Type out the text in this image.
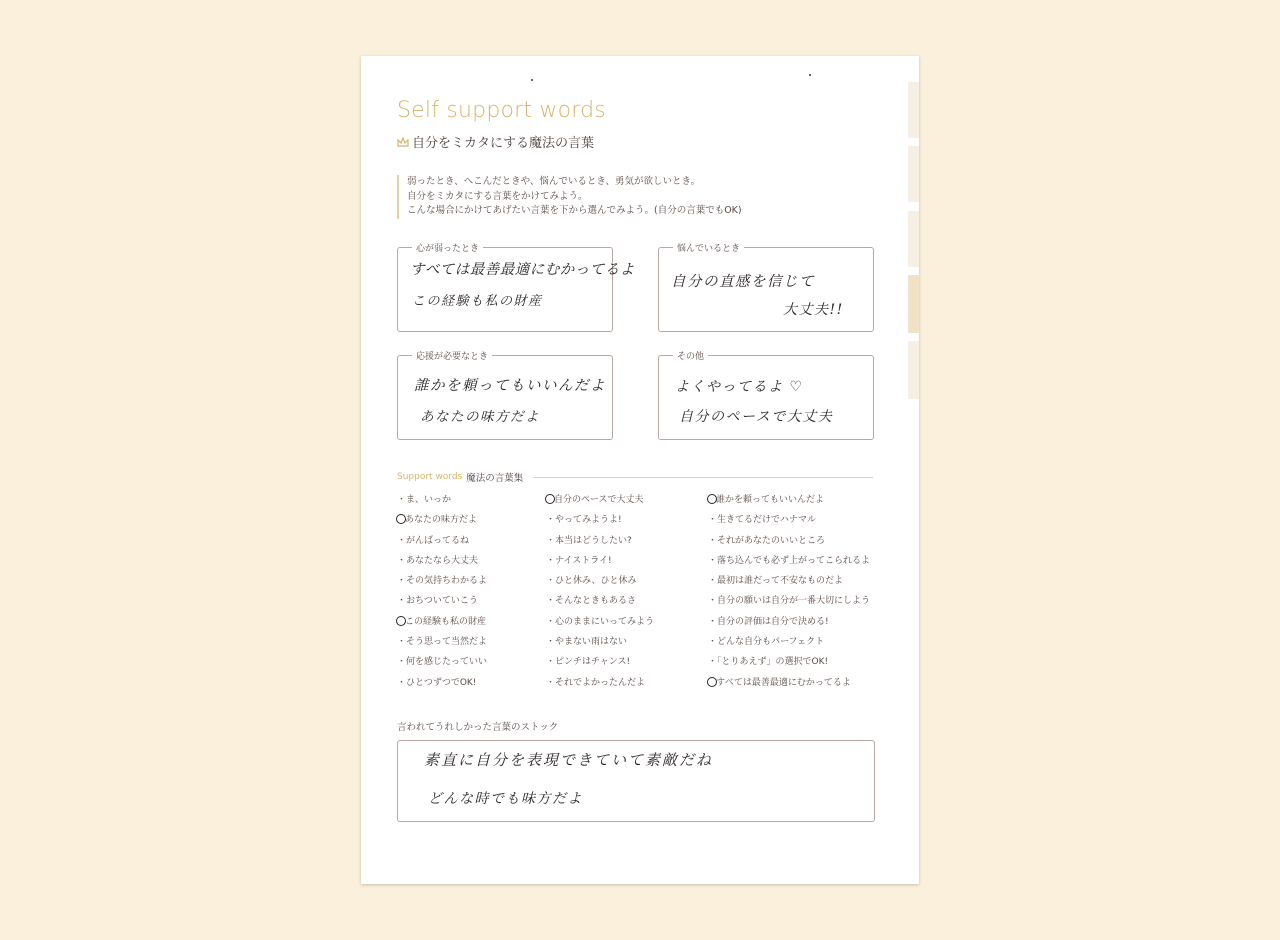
Self support words
自分をミカタにする魔法の言葉
弱ったとき、へこんだときや、悩んでいるとき、勇気が欲しいとき。
自分をミカタにする言葉をかけてみよう。
こんな場合にかけてあげたい言葉を下から選んでみよう。(自分の言葉でもOK)
心が弱ったとき
すべては最善最適にむかってるよ
この経験も私の財産
悩んでいるとき
自分の直感を信じて
大丈夫!!
応援が必要なとき
誰かを頼ってもいいんだよ
あなたの味方だよ
その他
よくやってるよ ♡
自分のペースで大丈夫
Support words 魔法の言葉集
・ま、いっか
あなたの味方だよ
・がんばってるね
・あなたなら大丈夫
・その気持ちわかるよ
・おちついていこう
この経験も私の財産
・そう思って当然だよ
・何を感じたっていい
・ひとつずつでOK!
自分のペースで大丈夫
・やってみようよ!
・本当はどうしたい?
・ナイストライ!
・ひと休み、ひと休み
・そんなときもあるさ
・心のままにいってみよう
・やまない雨はない
・ピンチはチャンス!
・それでよかったんだよ
誰かを頼ってもいいんだよ
・生きてるだけでハナマル
・それがあなたのいいところ
・落ち込んでも必ず上がってこられるよ
・最初は誰だって不安なものだよ
・自分の願いは自分が一番大切にしよう
・自分の評価は自分で決める!
・どんな自分もパーフェクト
・「とりあえず」の選択でOK!
すべては最善最適にむかってるよ
言われてうれしかった言葉のストック
素直に自分を表現できていて素敵だね
どんな時でも味方だよ
